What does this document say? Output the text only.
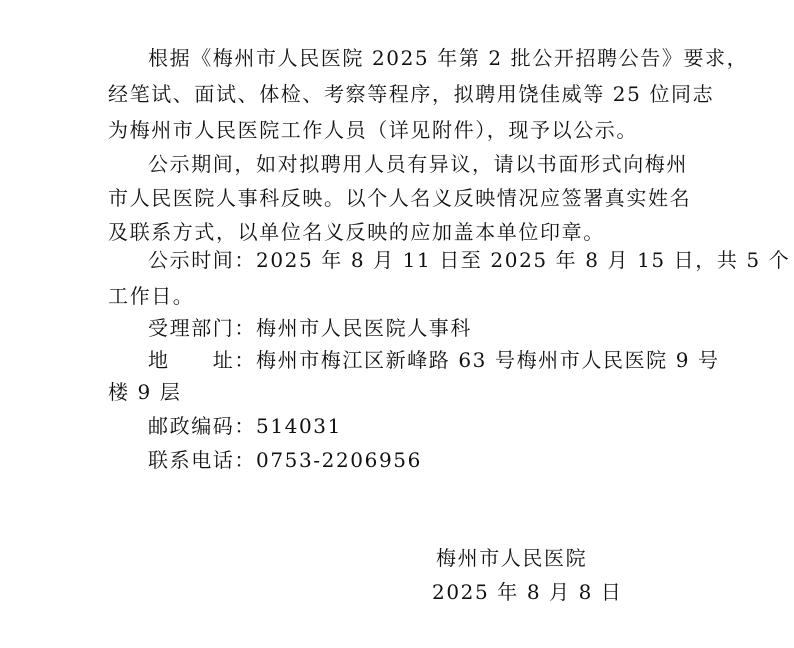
根据《梅州市人民医院 2025 年第 2 批公开招聘公告》要求，
经笔试、面试、体检、考察等程序，拟聘用饶佳威等 25 位同志
为梅州市人民医院工作人员（详见附件），现予以公示。
公示期间，如对拟聘用人员有异议，请以书面形式向梅州
市人民医院人事科反映。以个人名义反映情况应签署真实姓名
及联系方式，以单位名义反映的应加盖本单位印章。
公示时间：2025 年 8 月 11 日至 2025 年 8 月 15 日，共 5 个
工作日。
受理部门：梅州市人民医院人事科
地　　址：梅州市梅江区新峰路 63 号梅州市人民医院 9 号
楼 9 层
邮政编码：514031
联系电话：0753-2206956
梅州市人民医院
2025 年 8 月 8 日
